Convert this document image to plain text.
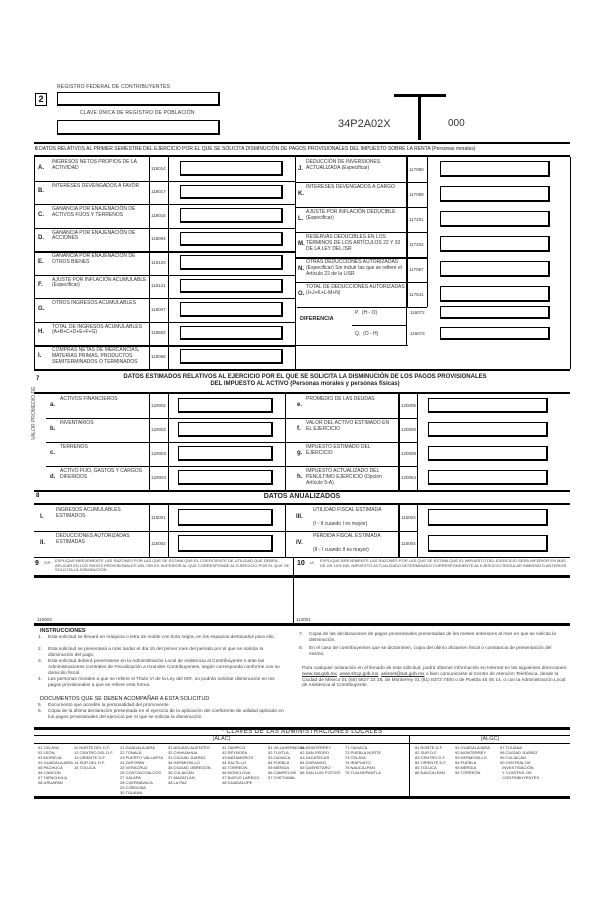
REGISTRO FEDERAL DE CONTRIBUYENTES
2
CLAVE ÚNICA DE REGISTRO DE POBLACIÓN
34P2A02X	000
6 DATOS RELATIVOS AL PRIMER SEMESTRE DEL EJERCICIO POR EL QUE SE SOLICITA DISMINUCIÓN DE PAGOS PROVISIONALES DEL IMPUESTO SOBRE LA RENTA (Personas morales)
A.
INGRESOS NETOS PROPIOS DE LA ACTIVIDAD	118014
B.
INTERESES DEVENGADOS A FAVOR
118017
C.
GANANCIA POR ENAJENACIÓN DE ACTIVOS FIJOS Y TERRENOS	118015
D.
GANANCIA POR ENAJENACIÓN DE ACCIONES	118004
E.
GANANCIA POR ENAJENACIÓN DE OTROS BIENES	118120
F.
AJUSTE POR INFLACIÓN ACUMULABLE (Especificar)	118121
G.
OTROS INGRESOS ACUMULABLES
118007
H.
TOTAL DE INGRESOS ACUMULABLES (A+B+C+D+E+F+G)	118502
I.
COMPRAS NETAS DE MERCANCÍAS, MATERIAS PRIMAS, PRODUCTOS SEMITERMINADOS O TERMINADOS
118066
J.
DEDUCCIÓN DE INVERSIONES ACTUALIZADA (Especificar)	117090
K.
INTERESES DEVENGADOS A CARGO
117089
L.
AJUSTE POR INFLACIÓN DEDUCIBLE (Especificar)	117201
M.
RESERVAS DEDUCIBLES EN LOS TÉRMINOS DE LOS ARTÍCULOS 22 Y 33 DE LA LEY DEL ISR
117202
N.
OTRAS DEDUCCIONES AUTORIZADAS (Especificar) Sin incluir las que se refiere el Artículo 22 de la LISR
117087
O.
TOTAL DE DEDUCCIONES AUTORIZADAS (I+J+K+L-M+N)	117541
DIFERENCIA
P. (H - O)	116072
Q. (O - H)	116073
7	DATOS ESTIMADOS RELATIVOS AL EJERCICIO POR EL QUE SE SOLICITA LA DISMINUCIÓN DE LOS PAGOS PROVISIONALES
DEL IMPUESTO AL ACTIVO (Personas morales y personas físicas)
VALOR PROMEDIO DE a.
ACTIVOS FINANCIEROS
120001
b.
INVENTARIOS
120002
c.
TERRENOS
120003
d.
ACTIVO FIJO, GASTOS Y CARGOS DIFERIDOS	120004
e.
PROMEDIO DE LAS DEUDAS
120005
f.
VALOR DEL ACTIVO ESTIMADO EN EL EJERCICIO	120006
g.
IMPUESTO ESTIMADO DEL EJERCICIO	120008
h.
IMPUESTO ACTUALIZADO DEL PENÚLTIMO EJERCICIO (Opción Artículo 5-A)
120064
8	DATOS ANUALIZADOS
I.
INGRESOS ACUMULABLES ESTIMADOS	115001
II.
DEDUCCIONES AUTORIZADAS ESTIMADAS	115002
III.
UTILIDAD FISCAL ESTIMADA
(I - II cuando I es mayor)
115003
IV.
PÉRDIDA FISCAL ESTIMADA
(II - I cuando II es mayor)
115004
9 ISR EXPLIQUE BREVEMENTE LAS RAZONES POR LAS QUE SE ESTIMA QUE EL COEFICIENTE DE UTILIDAD QUE DEBEN APLICAR EN LOS PAGOS PROVISIONALES DEL ISR ES SUPERIOR AL QUE CORRESPONDE AL EJERCICIO POR EL QUE SE SOLICITA LA DISMINUCIÓN
10 IA EXPLIQUE BREVEMENTE LAS RAZONES POR LAS QUE SE ESTIMA QUE EL IMPUESTO DEL EJERCICIO SERÁ INFERIOR EN MÁS DE UN 10% DEL IMPUESTO ACTUALIZADO DETERMINADO CORRESPONDIENTE AL EJERCICIO REGULAR INMEDIATO ANTERIOR
115003	113001
INSTRUCCIONES
1. Esta solicitud se llenará en máquina o letra de molde con tinta negra, en los espacios destinados para ello.
2. Esta solicitud se presentará a más tardar el día 15 del primer mes del periodo por el que se solicita la disminución del pago.
3. Esta solicitud deberá presentarse en la Administración Local de Asistencia al Contribuyente o ante las Administraciones Centrales de Fiscalización a Grandes Contribuyentes, según corresponda conforme con su domicilio fiscal.
4. Las personas morales a que se refiere el Título VI de la Ley del ISR, no podrán solicitar disminución en los pagos provisionales a que se refiere esta forma.
DOCUMENTOS QUE SE DEBEN ACOMPAÑAR A ESTA SOLICITUD
5. Documento que acredite la personalidad del promovente.
6. Copia de la última declaración presentada en el ejercicio de la aplicación del coeficiente de utilidad aplicado en los pagos provisionales del ejercicio por el que se solicita la disminución.
7. Copia de las declaraciones de pagos provisionales presentadas de los meses anteriores al mes en que se solicita la disminución.
8. En el caso de contribuyentes que se dictaminen, copia del último dictamen fiscal o constancia de presentación del mismo.
Para cualquier aclaración en el llenado de esta solicitud, podrá obtener información en Internet en las siguientes direcciones: www.sat.gob.mx, www.shcp.gob.mx, asisnet@sat.gob.mx o bien comunicarse al Centro de Atención Telefónica, desde la Ciudad de México 01 (55) 5627 22 28, de Monterrey 01 (81) 8372 7400 o de Puebla 45 45 14, o con la Administración Local de Asistencia al Contribuyente.
* CLAVES DE LAS ADMINISTRACIONES LOCALES
(ALAC)	(ALGC)
01 CELAYA
02 LEÓN
03 MORELIA
04 GUADALAJARA
05 PACHUCA
06 CANCÚN
07 TAPACHULA
08 URUAPAN
11 NORTE DEL D.F.
12 CENTRO DEL D.F.
13 ORIENTE D.F.
14 SUR DEL D.F.
15 TOLUCA
21 GUADALAJARA
22 TONALÁ
23 PUERTO VALLARTA
24 ZAPOPAN
25 VERACRUZ
26 COATZACOALCOS
27 XALAPA
28 CUERNAVACA
29 CÓRDOBA
30 TIJUANA
31 AGUASCALIENTES
32 CHIHUAHUA
33 CIUDAD JUÁREZ
34 HERMOSILLO
35 CIUDAD OBREGÓN
36 CULIACÁN
37 MAZATLÁN
38 LA PAZ
41 TAMPICO
42 REYNOSA
43 MATAMOROS
44 SALTILLO
45 TORREÓN
46 MONCLOVA
47 NUEVO LAREDO
48 GUADALUPE
51 VILLAHERMOSA
52 TUXTLA
53 OAXACA
54 PUEBLA
55 MÉRIDA
56 CAMPECHE
57 CHETUMAL
61 MONTERREY
62 SAN PEDRO
63 ZACATECAS
64 DURANGO
65 QUERÉTARO
66 SAN LUIS POTOSÍ
71 OAXACA
72 PUEBLA NORTE
73 CELAYA
74 IRAPUATO
75 NAUCALPAN
76 TLALNEPANTLA
81 NORTE D.F.
82 SUR D.F.
83 CENTRO D.F.
84 ORIENTE D.F.
85 TOLUCA
86 NAUCALPAN
91 GUADALAJARA
92 MONTERREY
93 HERMOSILLO
94 PUEBLA
95 MÉRIDA
96 TORREÓN
97 TIJUANA
98 CIUDAD JUÁREZ
99 CULIACÁN
00 CENTRAL DE
INVESTIGACIÓN
Y CONTROL DE
CONTRIBUYENTES
